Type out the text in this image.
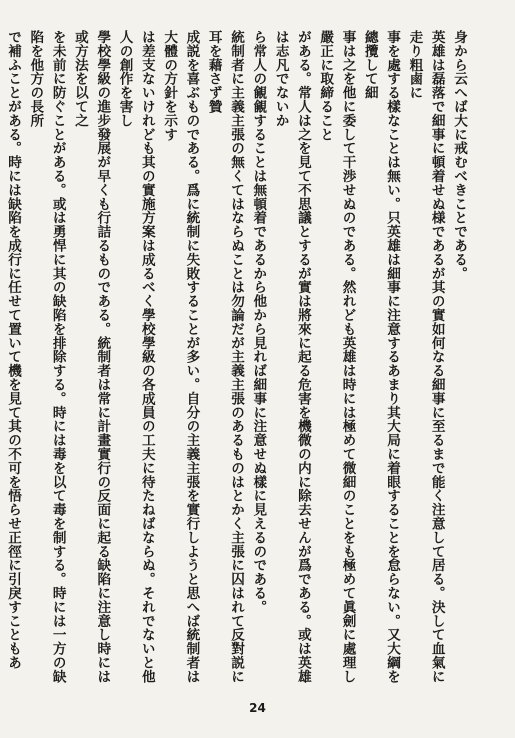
身から云へば大に戒むべきことである。

英雄は磊落で細事に頓着せぬ様であるが其の實如何なる細事に至るまで能く注意して居る。決して血氣に走り粗鹵に

事を處する樣なことは無い。只英雄は細事に注意するあまり其大局に着眼することを怠らない。又大綱を總攬して細

事は之を他に委して干渉せぬのである。然れども英雄は時には極めて微細のことをも極めて眞劍に處理し嚴正に取締ること

がある。常人は之を見て不思議とするが實は將來に起る危害を機微の内に除去せんが爲である。或は英雄は志凡でないか

ら常人の覦覦することは無頓着であるから他から見れば細事に注意せぬ樣に見えるのである。

統制者に主義主張の無くてはならぬことは勿論だが主義主張のあるものはとかく主張に囚はれて反對説に耳を藉さず贊

成説を喜ぶものである。爲に統制に失敗することが多い。自分の主義主張を實行しようと思へば統制者は大體の方針を示す

は差支ないけれども其の實施方案は成るべく學校學級の各成員の工夫に待たねばならぬ。それでないと他人の創作を害し

學校學級の進步發展が早くも行詰るものである。統制者は常に計畫實行の反面に起る缺陷に注意し時には或方法を以て之

を未前に防ぐことがある。或は勇悍に其の缺陷を排除する。時には毒を以て毒を制する。時には一方の缺陷を他方の長所

で補ふことがある。時には缺陷を成行に任せて置いて機を見て其の不可を悟らせ正徑に引戾すこともあ

24
